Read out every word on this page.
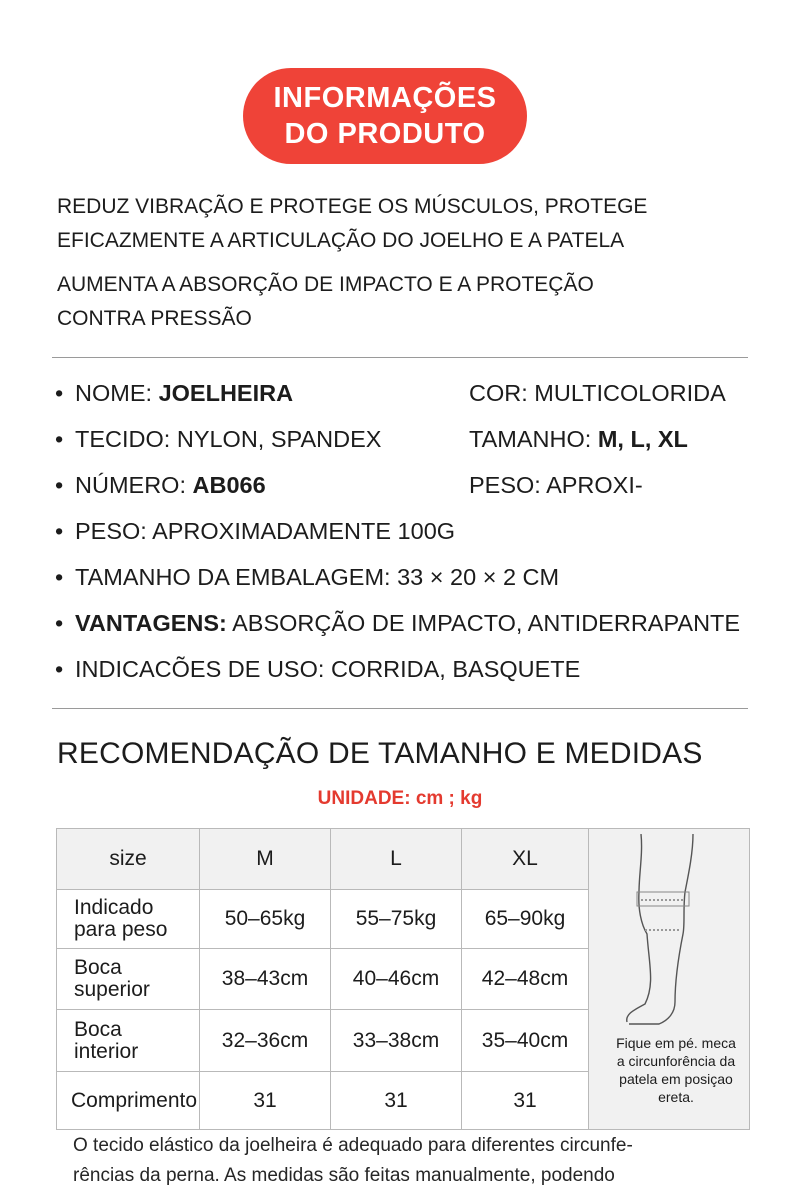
INFORMAÇÕES
DO PRODUTO
REDUZ VIBRAÇÃO E PROTEGE OS MÚSCULOS, PROTEGE
EFICAZMENTE A ARTICULAÇÃO DO JOELHO E A PATELA
AUMENTA A ABSORÇÃO DE IMPACTO E A PROTEÇÃO
CONTRA PRESSÃO
• NOME: JOELHEIRA	COR: MULTICOLORIDA
• TECIDO: NYLON, SPANDEX	TAMANHO: M, L, XL
• NÚMERO: AB066	PESO: APROXI-
• PESO: APROXIMADAMENTE 100G
• TAMANHO DA EMBALAGEM: 33 × 20 × 2 CM
• VANTAGENS: ABSORÇÃO DE IMPACTO, ANTIDERRAPANTE
• INDICACÕES DE USO: CORRIDA, BASQUETE
RECOMENDAÇÃO DE TAMANHO E MEDIDAS
UNIDADE: cm ; kg
size	M	L	XL	Fique em pé. meca
a circunforência da
patela em posiçao
ereta.

Indicado
para peso	50–65kg	55–75kg	65–90kg	

Boca
superior	38–43cm	40–46cm	42–48cm	

Boca
interior	32–36cm	33–38cm	35–40cm	
Comprimento	31	31	31	
O tecido elástico da joelheira é adequado para diferentes circunfe-
rências da perna. As medidas são feitas manualmente, podendo
